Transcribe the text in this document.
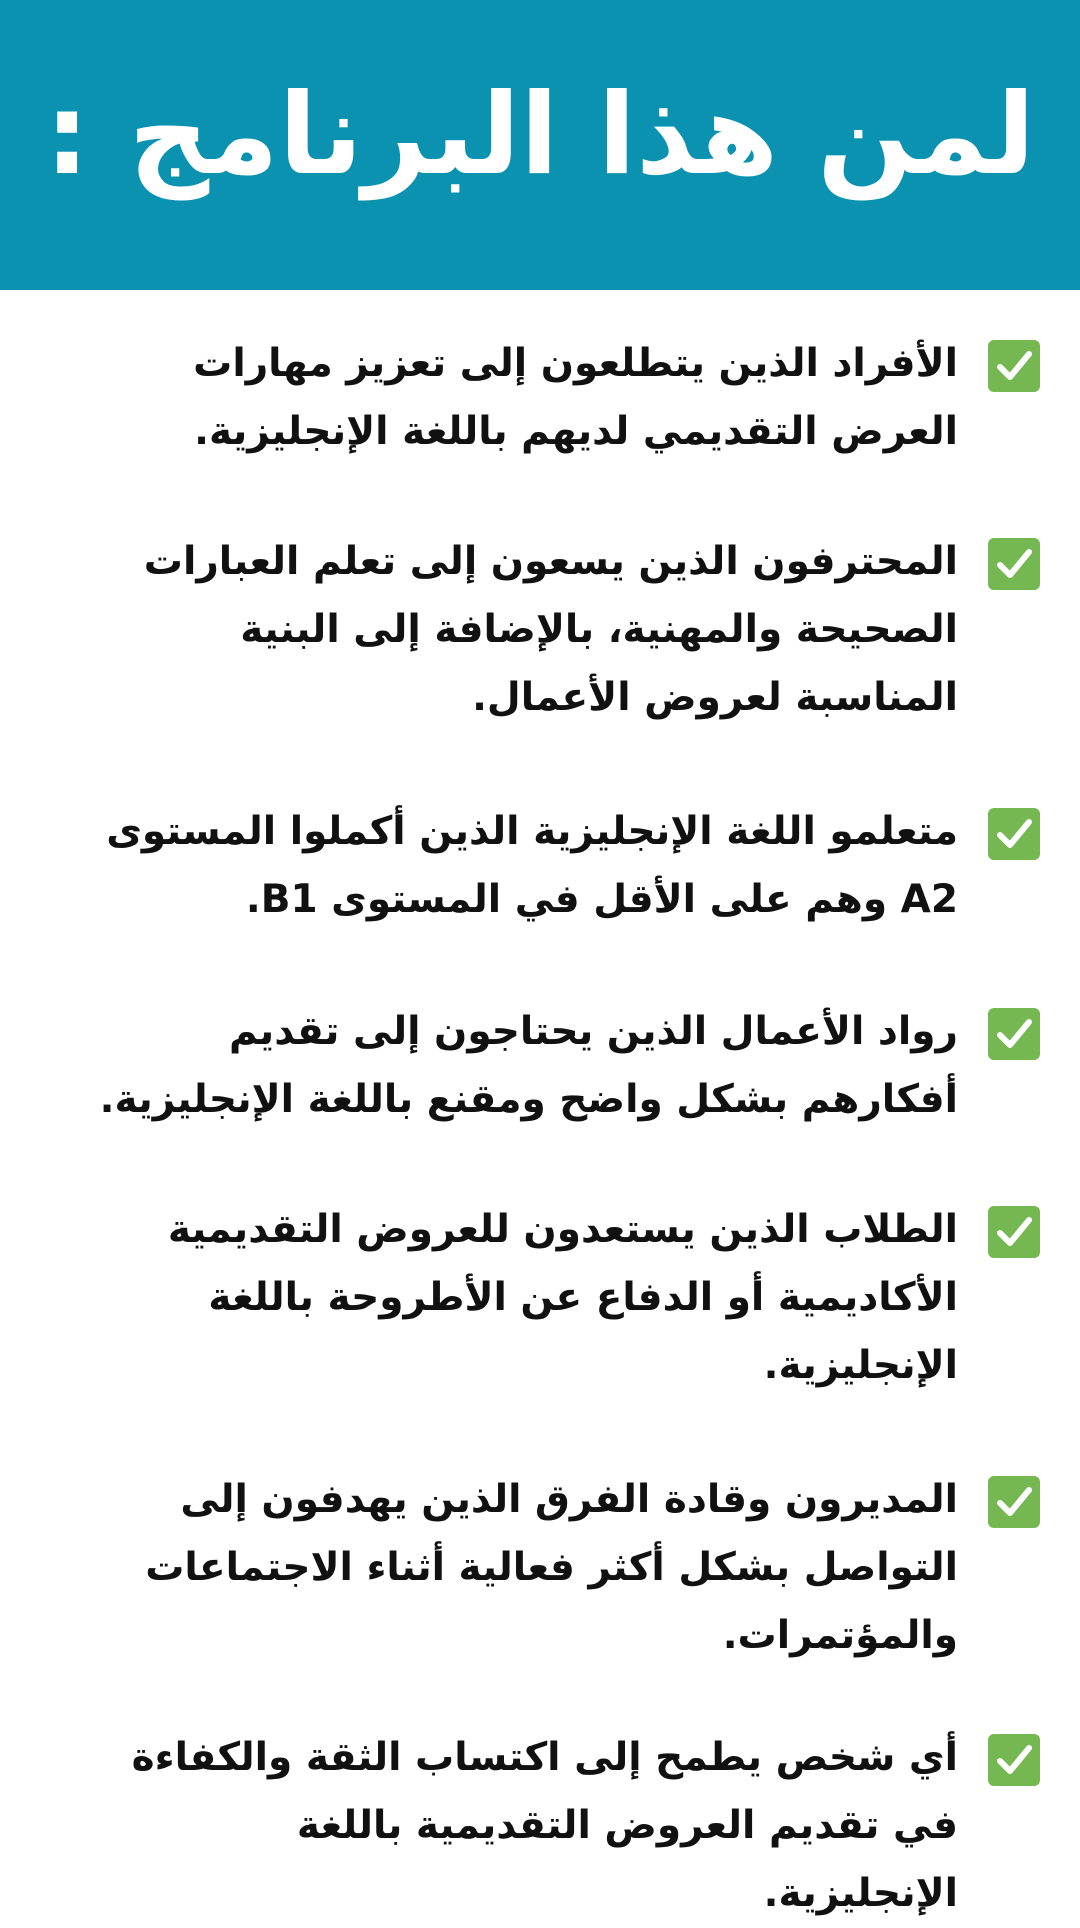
لمن هذا البرنامج :
الأفراد الذين يتطلعون إلى تعزيز مهارات العرض التقديمي لديهم باللغة الإنجليزية.
المحترفون الذين يسعون إلى تعلم العبارات الصحيحة والمهنية، بالإضافة إلى البنية المناسبة لعروض الأعمال.
متعلمو اللغة الإنجليزية الذين أكملوا المستوى A2 وهم على الأقل في المستوى B1.
رواد الأعمال الذين يحتاجون إلى تقديم أفكارهم بشكل واضح ومقنع باللغة الإنجليزية.
الطلاب الذين يستعدون للعروض التقديمية الأكاديمية أو الدفاع عن الأطروحة باللغة الإنجليزية.
المديرون وقادة الفرق الذين يهدفون إلى التواصل بشكل أكثر فعالية أثناء الاجتماعات والمؤتمرات.
أي شخص يطمح إلى اكتساب الثقة والكفاءة في تقديم العروض التقديمية باللغة الإنجليزية.
